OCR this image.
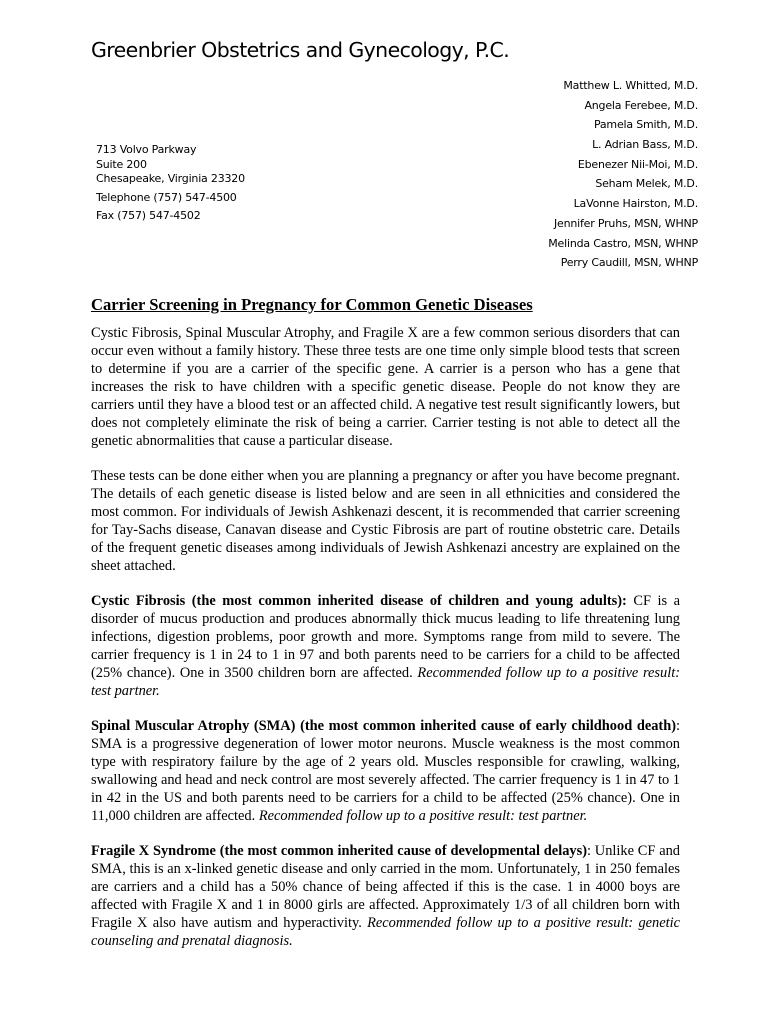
Greenbrier Obstetrics and Gynecology, P.C.
713 Volvo Parkway
Suite 200
Chesapeake, Virginia 23320
Telephone (757) 547-4500
Fax (757) 547-4502
Matthew L. Whitted, M.D.
Angela Ferebee, M.D.
Pamela Smith, M.D.
L. Adrian Bass, M.D.
Ebenezer Nii-Moi, M.D.
Seham Melek, M.D.
LaVonne Hairston, M.D.
Jennifer Pruhs, MSN, WHNP
Melinda Castro, MSN, WHNP
Perry Caudill, MSN, WHNP
Carrier Screening in Pregnancy for Common Genetic Diseases

Cystic Fibrosis, Spinal Muscular Atrophy, and Fragile X are a few common serious disorders that can occur even without a family history. These three tests are one time only simple blood tests that screen to determine if you are a carrier of the specific gene. A carrier is a person who has a gene that increases the risk to have children with a specific genetic disease. People do not know they are carriers until they have a blood test or an affected child. A negative test result significantly lowers, but does not completely eliminate the risk of being a carrier. Carrier testing is not able to detect all the genetic abnormalities that cause a particular disease.

These tests can be done either when you are planning a pregnancy or after you have become pregnant. The details of each genetic disease is listed below and are seen in all ethnicities and considered the most common. For individuals of Jewish Ashkenazi descent, it is recommended that carrier screening for Tay-Sachs disease, Canavan disease and Cystic Fibrosis are part of routine obstetric care. Details of the frequent genetic diseases among individuals of Jewish Ashkenazi ancestry are explained on the sheet attached.

Cystic Fibrosis (the most common inherited disease of children and young adults): CF is a disorder of mucus production and produces abnormally thick mucus leading to life threatening lung infections, digestion problems, poor growth and more. Symptoms range from mild to severe. The carrier frequency is 1 in 24 to 1 in 97 and both parents need to be carriers for a child to be affected (25% chance). One in 3500 children born are affected. Recommended follow up to a positive result: test partner.

Spinal Muscular Atrophy (SMA) (the most common inherited cause of early childhood death): SMA is a progressive degeneration of lower motor neurons. Muscle weakness is the most common type with respiratory failure by the age of 2 years old. Muscles responsible for crawling, walking, swallowing and head and neck control are most severely affected. The carrier frequency is 1 in 47 to 1 in 42 in the US and both parents need to be carriers for a child to be affected (25% chance). One in 11,000 children are affected. Recommended follow up to a positive result: test partner.

Fragile X Syndrome (the most common inherited cause of developmental delays): Unlike CF and SMA, this is an x-linked genetic disease and only carried in the mom. Unfortunately, 1 in 250 females are carriers and a child has a 50% chance of being affected if this is the case. 1 in 4000 boys are affected with Fragile X and 1 in 8000 girls are affected. Approximately 1/3 of all children born with Fragile X also have autism and hyperactivity. Recommended follow up to a positive result: genetic counseling and prenatal diagnosis.
